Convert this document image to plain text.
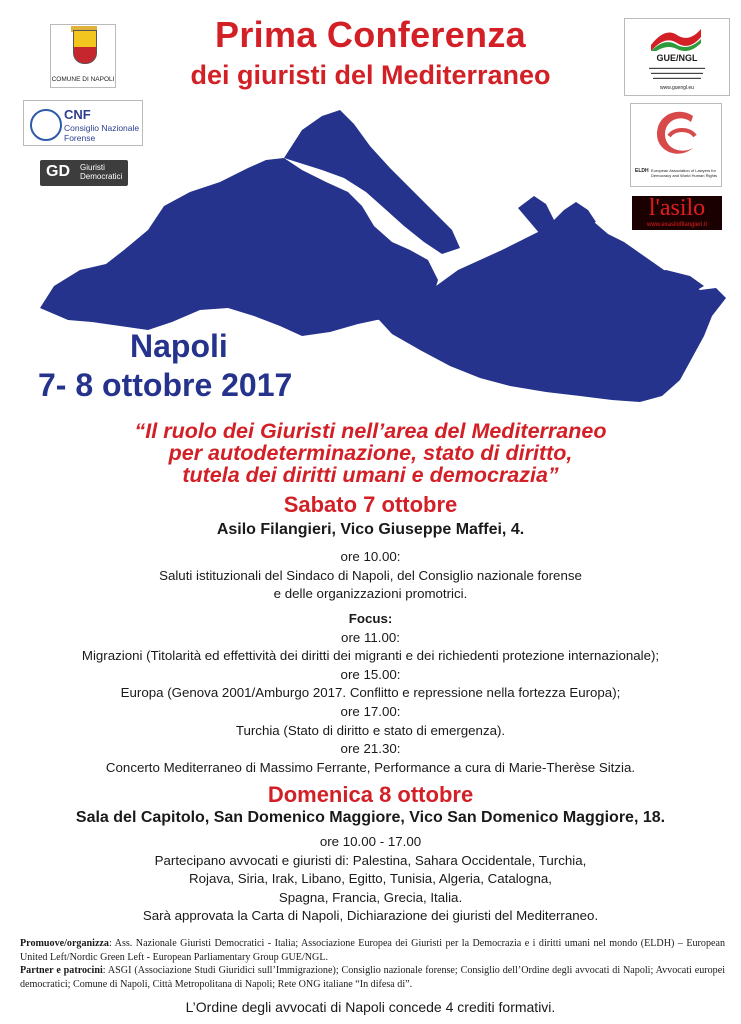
Prima Conferenza
dei giuristi del Mediterraneo
COMUNE DI NAPOLI
CNF
Consiglio Nazionale
Forense
GD Giuristi
Democratici
GUE/NGL
▬▬▬▬▬▬▬▬▬▬▬▬▬▬
▬▬▬▬▬▬▬▬▬▬▬▬▬
▬▬▬▬▬▬▬▬▬▬▬▬
www.guengl.eu
ELDH European Association of Lawyers for Democracy and World Human Rights
l'asilo
www.exasilofilangieri.it
Napoli
7- 8 ottobre 2017
“Il ruolo dei Giuristi nell’area del Mediterraneo
per autodeterminazione, stato di diritto,
tutela dei diritti umani e democrazia”
Sabato 7 ottobre
Asilo Filangieri, Vico Giuseppe Maffei, 4.
ore 10.00:
Saluti istituzionali del Sindaco di Napoli, del Consiglio nazionale forense
e delle organizzazioni promotrici.
Focus:
ore 11.00:
Migrazioni (Titolarità ed effettività dei diritti dei migranti e dei richiedenti protezione internazionale);
ore 15.00:
Europa (Genova 2001/Amburgo 2017. Conflitto e repressione nella fortezza Europa);
ore 17.00:
Turchia (Stato di diritto e stato di emergenza).
ore 21.30:
Concerto Mediterraneo di Massimo Ferrante, Performance a cura di Marie-Therèse Sitzia.
Domenica 8 ottobre
Sala del Capitolo, San Domenico Maggiore, Vico San Domenico Maggiore, 18.
ore 10.00 - 17.00
Partecipano avvocati e giuristi di: Palestina, Sahara Occidentale, Turchia,
Rojava, Siria, Irak, Libano, Egitto, Tunisia, Algeria, Catalogna,
Spagna, Francia, Grecia, Italia.
Sarà approvata la Carta di Napoli, Dichiarazione dei giuristi del Mediterraneo.
Promuove/organizza: Ass. Nazionale Giuristi Democratici - Italia; Associazione Europea dei Giuristi per la Democrazia e i diritti umani nel mondo (ELDH) – European United Left/Nordic Green Left - European Parliamentary Group GUE/NGL.
Partner e patrocini: ASGI (Associazione Studi Giuridici sull’Immigrazione); Consiglio nazionale forense; Consiglio dell’Ordine degli avvocati di Napoli; Avvocati europei democratici; Comune di Napoli, Città Metropolitana di Napoli; Rete ONG italiane “In difesa di”.
L’Ordine degli avvocati di Napoli concede 4 crediti formativi.
